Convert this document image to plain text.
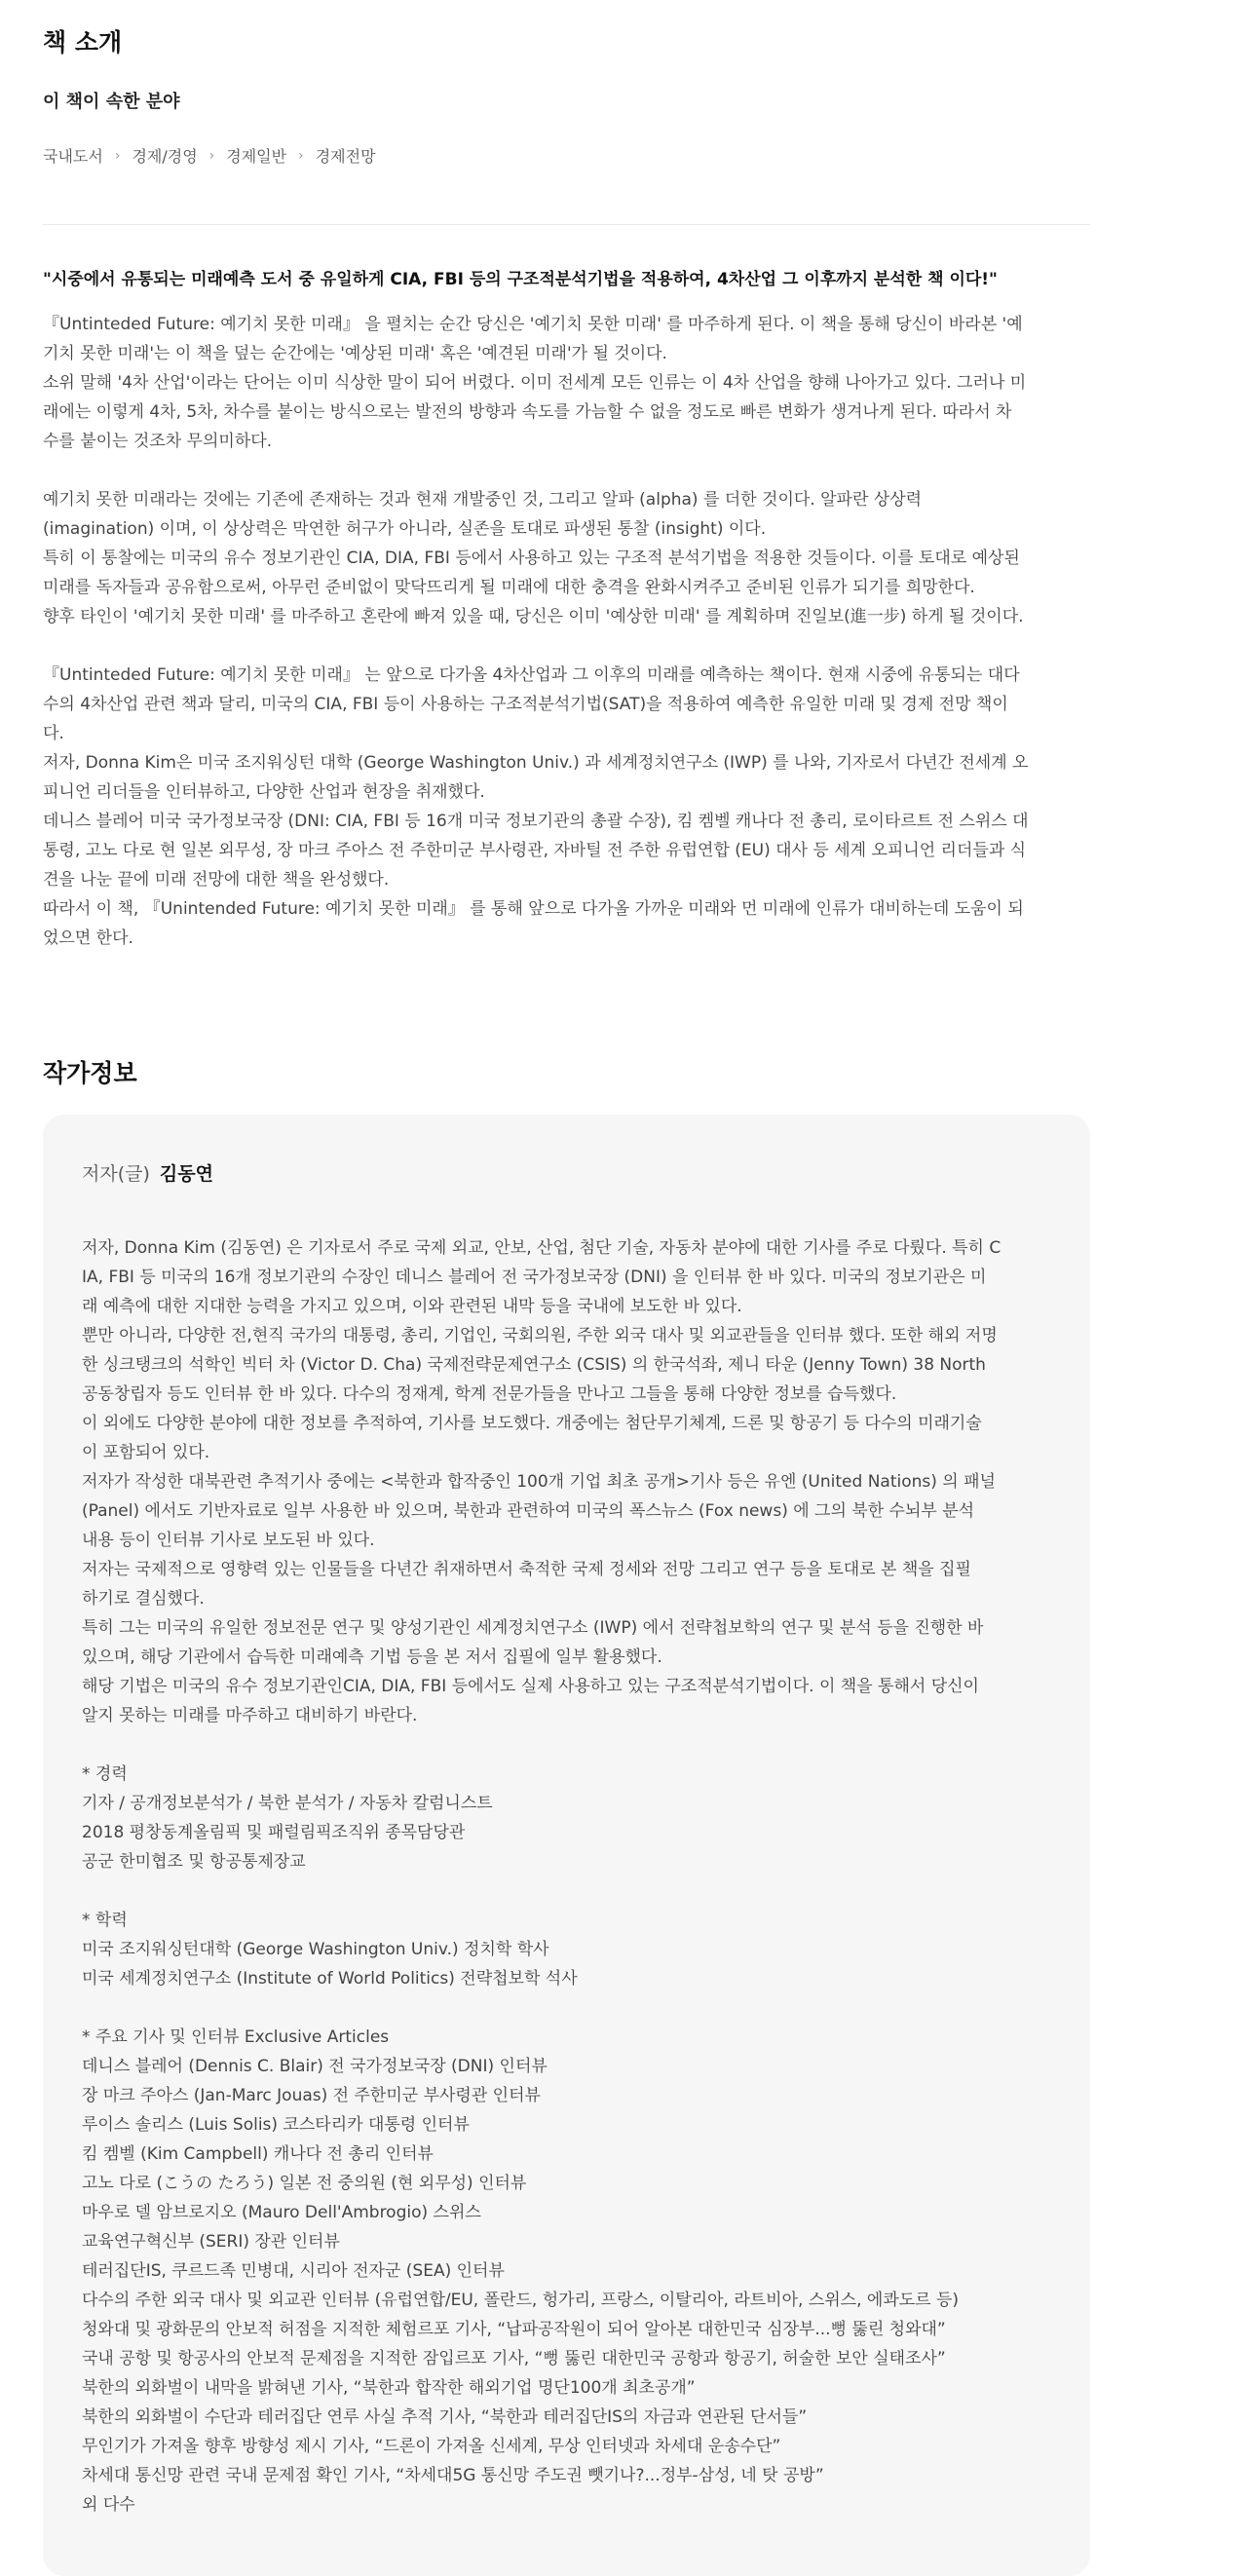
책 소개
이 책이 속한 분야
국내도서 › 경제/경영 › 경제일반 › 경제전망
"시중에서 유통되는 미래예측 도서 중 유일하게 CIA, FBI 등의 구조적분석기법을 적용하여, 4차산업 그 이후까지 분석한 책 이다!"

『Untinteded Future: 예기치 못한 미래』 을 펼치는 순간 당신은 '예기치 못한 미래' 를 마주하게 된다. 이 책을 통해 당신이 바라본 '예

기치 못한 미래'는 이 책을 덮는 순간에는 '예상된 미래' 혹은 '예견된 미래'가 될 것이다.

소위 말해 '4차 산업'이라는 단어는 이미 식상한 말이 되어 버렸다. 이미 전세계 모든 인류는 이 4차 산업을 향해 나아가고 있다. 그러나 미

래에는 이렇게 4차, 5차, 차수를 붙이는 방식으로는 발전의 방향과 속도를 가늠할 수 없을 정도로 빠른 변화가 생겨나게 된다. 따라서 차

수를 붙이는 것조차 무의미하다.

예기치 못한 미래라는 것에는 기존에 존재하는 것과 현재 개발중인 것, 그리고 알파 (alpha) 를 더한 것이다. 알파란 상상력

(imagination) 이며, 이 상상력은 막연한 허구가 아니라, 실존을 토대로 파생된 통찰 (insight) 이다.

특히 이 통찰에는 미국의 유수 정보기관인 CIA, DIA, FBI 등에서 사용하고 있는 구조적 분석기법을 적용한 것들이다. 이를 토대로 예상된

미래를 독자들과 공유함으로써, 아무런 준비없이 맞닥뜨리게 될 미래에 대한 충격을 완화시켜주고 준비된 인류가 되기를 희망한다.

향후 타인이 '예기치 못한 미래' 를 마주하고 혼란에 빠져 있을 때, 당신은 이미 '예상한 미래' 를 계획하며 진일보(進一步) 하게 될 것이다.

『Untinteded Future: 예기치 못한 미래』 는 앞으로 다가올 4차산업과 그 이후의 미래를 예측하는 책이다. 현재 시중에 유통되는 대다

수의 4차산업 관련 책과 달리, 미국의 CIA, FBI 등이 사용하는 구조적분석기법(SAT)을 적용하여 예측한 유일한 미래 및 경제 전망 책이

다.

저자, Donna Kim은 미국 조지워싱턴 대학 (George Washington Univ.) 과 세계정치연구소 (IWP) 를 나와, 기자로서 다년간 전세계 오

피니언 리더들을 인터뷰하고, 다양한 산업과 현장을 취재했다.

데니스 블레어 미국 국가정보국장 (DNI: CIA, FBI 등 16개 미국 정보기관의 총괄 수장), 킴 켐벨 캐나다 전 총리, 로이타르트 전 스위스 대

통령, 고노 다로 현 일본 외무성, 장 마크 주아스 전 주한미군 부사령관, 자바틸 전 주한 유럽연합 (EU) 대사 등 세계 오피니언 리더들과 식

견을 나눈 끝에 미래 전망에 대한 책을 완성했다.

따라서 이 책, 『Unintended Future: 예기치 못한 미래』 를 통해 앞으로 다가올 가까운 미래와 먼 미래에 인류가 대비하는데 도움이 되

었으면 한다.

작가정보
저자(글) 김동연

저자, Donna Kim (김동연) 은 기자로서 주로 국제 외교, 안보, 산업, 첨단 기술, 자동차 분야에 대한 기사를 주로 다뤘다. 특히 C

IA, FBI 등 미국의 16개 정보기관의 수장인 데니스 블레어 전 국가정보국장 (DNI) 을 인터뷰 한 바 있다. 미국의 정보기관은 미

래 예측에 대한 지대한 능력을 가지고 있으며, 이와 관련된 내막 등을 국내에 보도한 바 있다.

뿐만 아니라, 다양한 전,현직 국가의 대통령, 총리, 기업인, 국회의원, 주한 외국 대사 및 외교관들을 인터뷰 했다. 또한 해외 저명

한 싱크탱크의 석학인 빅터 차 (Victor D. Cha) 국제전략문제연구소 (CSIS) 의 한국석좌, 제니 타운 (Jenny Town) 38 North

공동창립자 등도 인터뷰 한 바 있다. 다수의 정재계, 학계 전문가들을 만나고 그들을 통해 다양한 정보를 습득했다.

이 외에도 다양한 분야에 대한 정보를 추적하여, 기사를 보도했다. 개중에는 첨단무기체계, 드론 및 항공기 등 다수의 미래기술

이 포함되어 있다.

저자가 작성한 대북관련 추적기사 중에는 <북한과 합작중인 100개 기업 최초 공개>기사 등은 유엔 (United Nations) 의 패널

(Panel) 에서도 기반자료로 일부 사용한 바 있으며, 북한과 관련하여 미국의 폭스뉴스 (Fox news) 에 그의 북한 수뇌부 분석

내용 등이 인터뷰 기사로 보도된 바 있다.

저자는 국제적으로 영향력 있는 인물들을 다년간 취재하면서 축적한 국제 정세와 전망 그리고 연구 등을 토대로 본 책을 집필

하기로 결심했다.

특히 그는 미국의 유일한 정보전문 연구 및 양성기관인 세계정치연구소 (IWP) 에서 전략첩보학의 연구 및 분석 등을 진행한 바

있으며, 해당 기관에서 습득한 미래예측 기법 등을 본 저서 집필에 일부 활용했다.

해당 기법은 미국의 유수 정보기관인CIA, DIA, FBI 등에서도 실제 사용하고 있는 구조적분석기법이다. 이 책을 통해서 당신이

알지 못하는 미래를 마주하고 대비하기 바란다.

* 경력

기자 / 공개정보분석가 / 북한 분석가 / 자동차 칼럼니스트

2018 평창동계올림픽 및 패럴림픽조직위 종목담당관

공군 한미협조 및 항공통제장교

* 학력

미국 조지워싱턴대학 (George Washington Univ.) 정치학 학사

미국 세계정치연구소 (Institute of World Politics) 전략첩보학 석사

* 주요 기사 및 인터뷰 Exclusive Articles

데니스 블레어 (Dennis C. Blair) 전 국가정보국장 (DNI) 인터뷰

장 마크 주아스 (Jan-Marc Jouas) 전 주한미군 부사령관 인터뷰

루이스 솔리스 (Luis Solis) 코스타리카 대통령 인터뷰

킴 켐벨 (Kim Campbell) 캐나다 전 총리 인터뷰

고노 다로 (こうの たろう) 일본 전 중의원 (현 외무성) 인터뷰

마우로 델 암브로지오 (Mauro Dell'Ambrogio) 스위스

교육연구혁신부 (SERI) 장관 인터뷰

테러집단IS, 쿠르드족 민병대, 시리아 전자군 (SEA) 인터뷰

다수의 주한 외국 대사 및 외교관 인터뷰 (유럽연합/EU, 폴란드, 헝가리, 프랑스, 이탈리아, 라트비아, 스위스, 에콰도르 등)

청와대 및 광화문의 안보적 허점을 지적한 체험르포 기사, “납파공작원이 되어 알아본 대한민국 심장부...뻥 뚫린 청와대”

국내 공항 및 항공사의 안보적 문제점을 지적한 잠입르포 기사, “뻥 뚫린 대한민국 공항과 항공기, 허술한 보안 실태조사”

북한의 외화벌이 내막을 밝혀낸 기사, “북한과 합작한 해외기업 명단100개 최초공개”

북한의 외화벌이 수단과 테러집단 연루 사실 추적 기사, “북한과 테러집단IS의 자금과 연관된 단서들”

무인기가 가져올 향후 방향성 제시 기사, “드론이 가져올 신세계, 무상 인터넷과 차세대 운송수단”

차세대 통신망 관련 국내 문제점 확인 기사, “차세대5G 통신망 주도권 뺏기나?...정부-삼성, 네 탓 공방”

외 다수
